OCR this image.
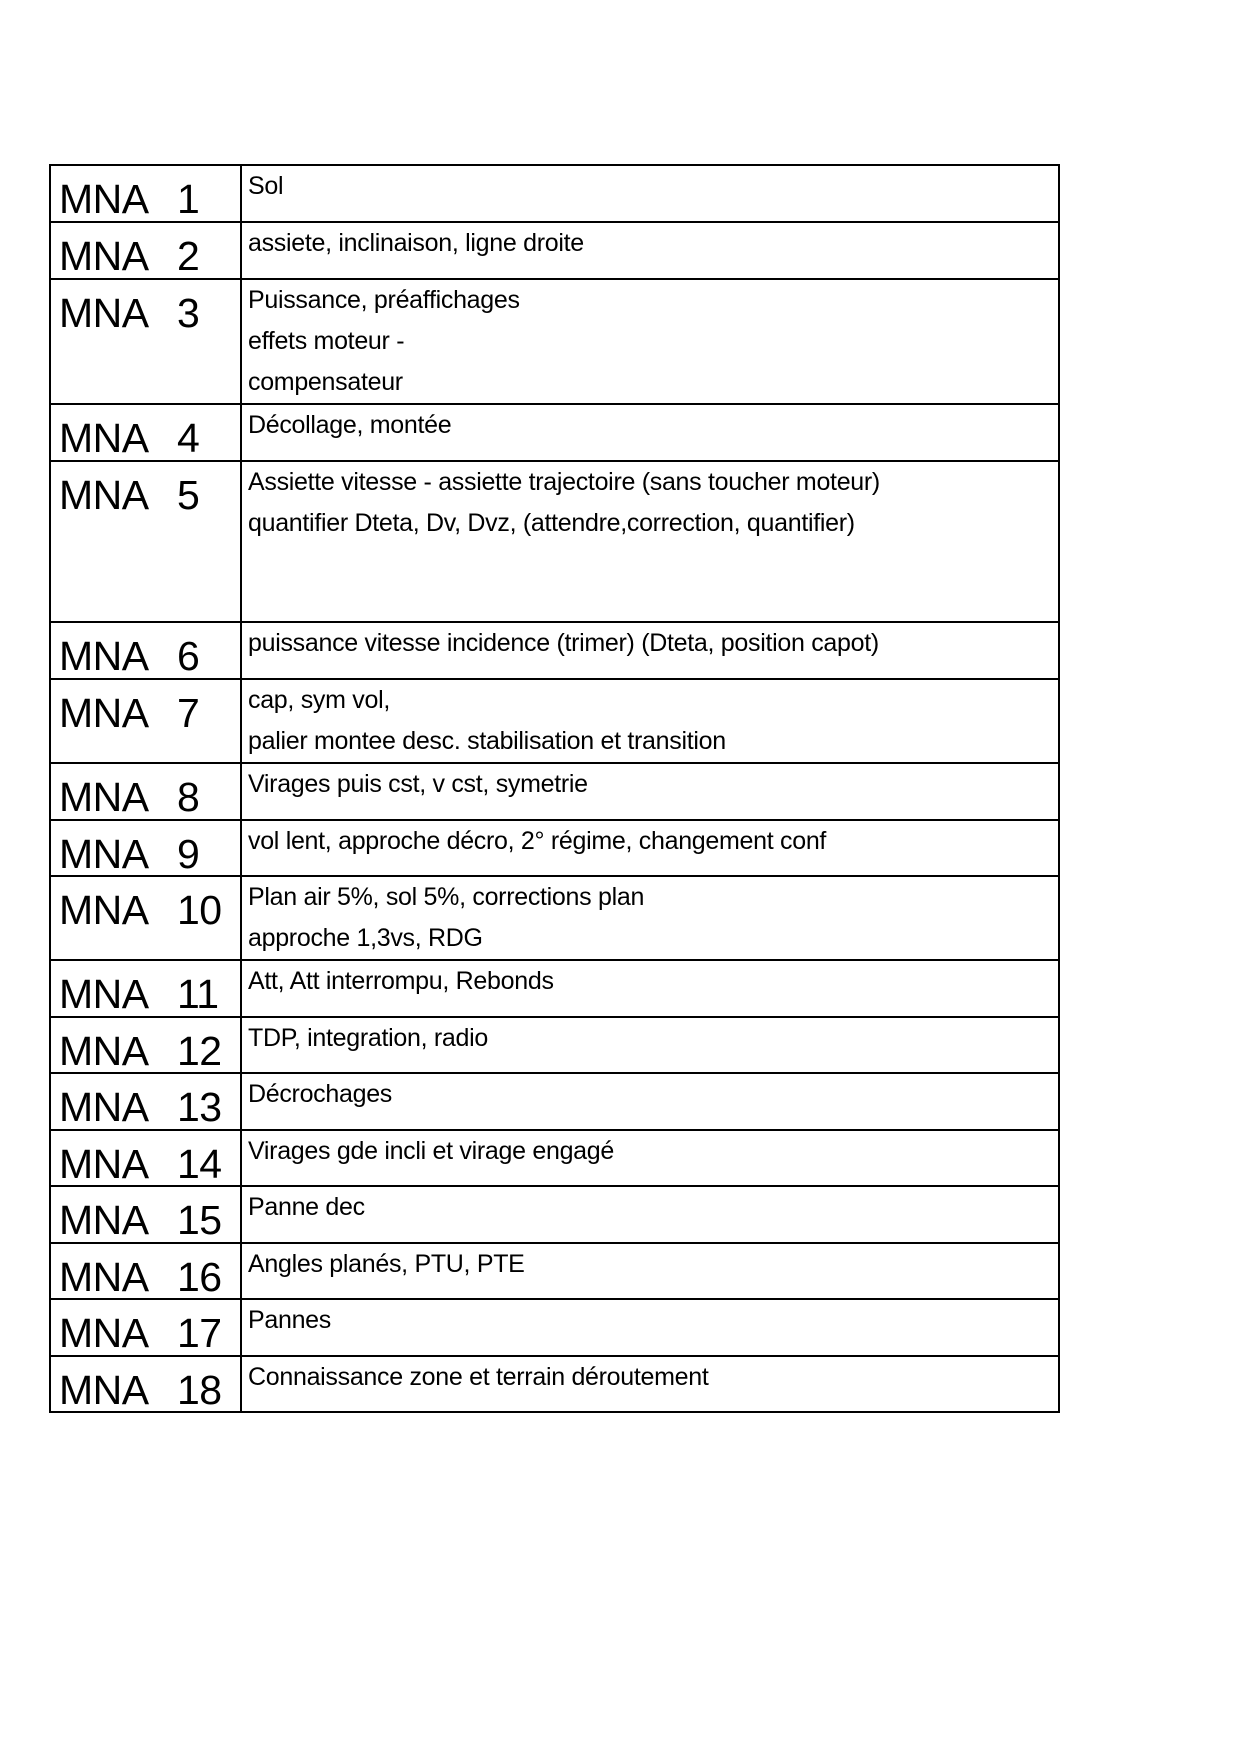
MNA 1	Sol

MNA 2	assiete, inclinaison, ligne droite

MNA 3	Puissance, préaffichages
effets moteur -
compensateur

MNA 4	Décollage, montée

MNA 5	Assiette vitesse - assiette trajectoire (sans toucher moteur)
quantifier Dteta, Dv, Dvz, (attendre,correction, quantifier)

MNA 6	puissance vitesse incidence (trimer) (Dteta, position capot)

MNA 7	cap, sym vol,
palier montee desc. stabilisation et transition

MNA 8	Virages puis cst, v cst, symetrie

MNA 9	vol lent, approche décro, 2° régime, changement conf

MNA 10	Plan air 5%, sol 5%, corrections plan
approche 1,3vs, RDG

MNA 11	Att, Att interrompu, Rebonds

MNA 12	TDP, integration, radio

MNA 13	Décrochages

MNA 14	Virages gde incli et virage engagé

MNA 15	Panne dec

MNA 16	Angles planés, PTU, PTE

MNA 17	Pannes

MNA 18	Connaissance zone et terrain déroutement
